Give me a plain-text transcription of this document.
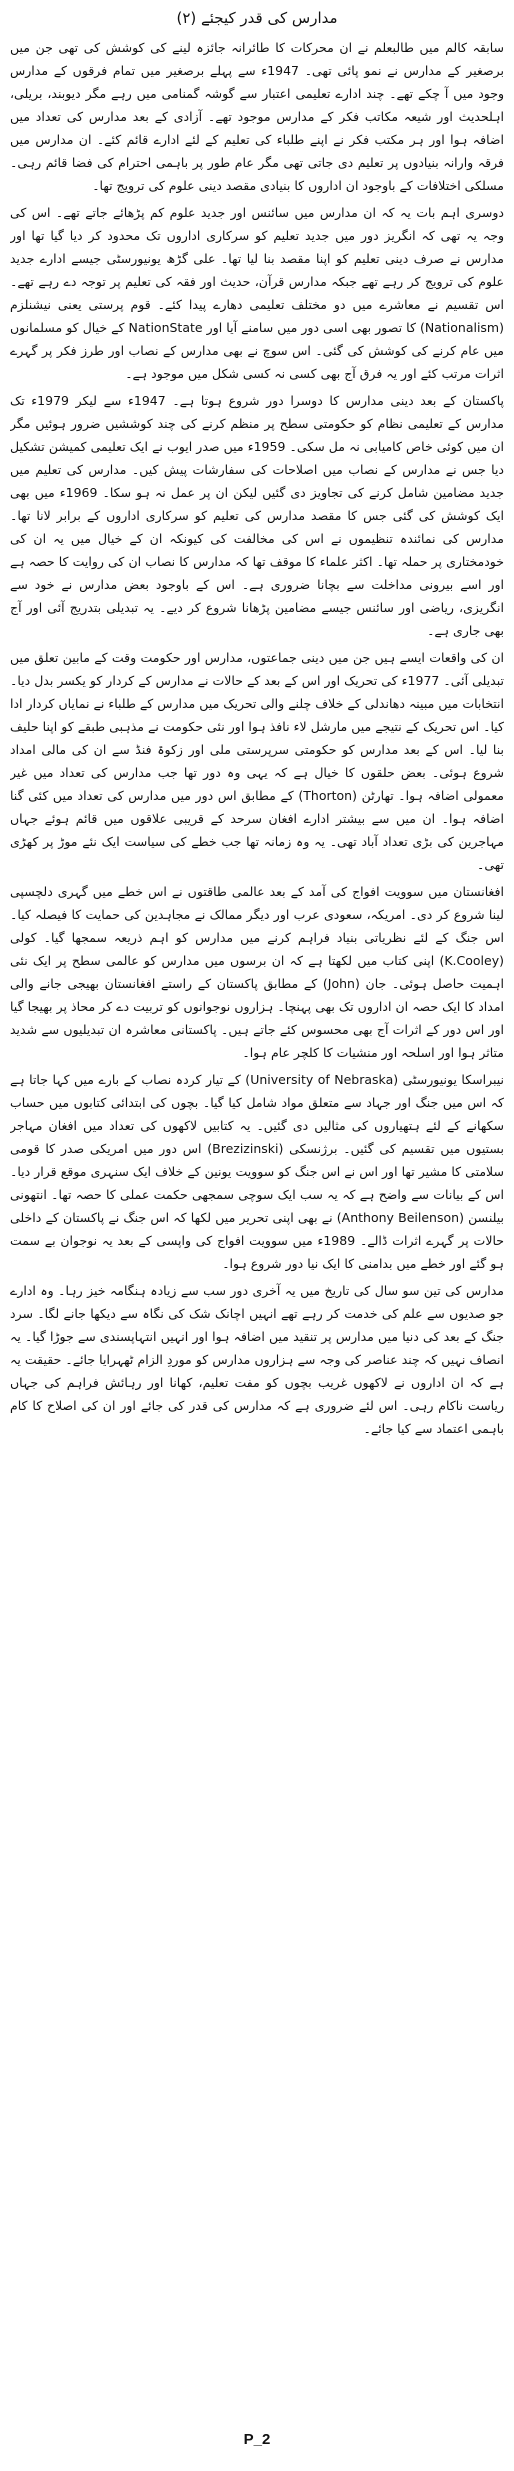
مدارس کی قدر کیجئے (۲)

سابقہ کالم میں طالبعلم نے ان محرکات کا طائرانہ جائزہ لینے کی کوشش کی تھی جن میں برصغیر کے مدارس نے نمو پائی تھی۔ 1947ء سے پہلے برصغیر میں تمام فرقوں کے مدارس وجود میں آ چکے تھے۔ چند ادارے تعلیمی اعتبار سے گوشہ گمنامی میں رہے مگر دیوبند، بریلی، اہلحدیث اور شیعہ مکاتب فکر کے مدارس موجود تھے۔ آزادی کے بعد مدارس کی تعداد میں اضافہ ہوا اور ہر مکتب فکر نے اپنے طلباء کی تعلیم کے لئے ادارے قائم کئے۔ ان مدارس میں فرقہ وارانہ بنیادوں پر تعلیم دی جاتی تھی مگر عام طور پر باہمی احترام کی فضا قائم رہی۔ مسلکی اختلافات کے باوجود ان اداروں کا بنیادی مقصد دینی علوم کی ترویج تھا۔

دوسری اہم بات یہ کہ ان مدارس میں سائنس اور جدید علوم کم پڑھائے جاتے تھے۔ اس کی وجہ یہ تھی کہ انگریز دور میں جدید تعلیم کو سرکاری اداروں تک محدود کر دیا گیا تھا اور مدارس نے صرف دینی تعلیم کو اپنا مقصد بنا لیا تھا۔ علی گڑھ یونیورسٹی جیسے ادارے جدید علوم کی ترویج کر رہے تھے جبکہ مدارس قرآن، حدیث اور فقہ کی تعلیم پر توجہ دے رہے تھے۔ اس تقسیم نے معاشرے میں دو مختلف تعلیمی دھارے پیدا کئے۔ قوم پرستی یعنی نیشنلزم (Nationalism) کا تصور بھی اسی دور میں سامنے آیا اور NationState کے خیال کو مسلمانوں میں عام کرنے کی کوشش کی گئی۔ اس سوچ نے بھی مدارس کے نصاب اور طرز فکر پر گہرے اثرات مرتب کئے اور یہ فرق آج بھی کسی نہ کسی شکل میں موجود ہے۔

پاکستان کے بعد دینی مدارس کا دوسرا دور شروع ہوتا ہے۔ 1947ء سے لیکر 1979ء تک مدارس کے تعلیمی نظام کو حکومتی سطح پر منظم کرنے کی چند کوششیں ضرور ہوئیں مگر ان میں کوئی خاص کامیابی نہ مل سکی۔ 1959ء میں صدر ایوب نے ایک تعلیمی کمیشن تشکیل دیا جس نے مدارس کے نصاب میں اصلاحات کی سفارشات پیش کیں۔ مدارس کی تعلیم میں جدید مضامین شامل کرنے کی تجاویز دی گئیں لیکن ان پر عمل نہ ہو سکا۔ 1969ء میں بھی ایک کوشش کی گئی جس کا مقصد مدارس کی تعلیم کو سرکاری اداروں کے برابر لانا تھا۔ مدارس کی نمائندہ تنظیموں نے اس کی مخالفت کی کیونکہ ان کے خیال میں یہ ان کی خودمختاری پر حملہ تھا۔ اکثر علماء کا موقف تھا کہ مدارس کا نصاب ان کی روایت کا حصہ ہے اور اسے بیرونی مداخلت سے بچانا ضروری ہے۔ اس کے باوجود بعض مدارس نے خود سے انگریزی، ریاضی اور سائنس جیسے مضامین پڑھانا شروع کر دیے۔ یہ تبدیلی بتدریج آئی اور آج بھی جاری ہے۔

ان کی واقعات ایسے ہیں جن میں دینی جماعتوں، مدارس اور حکومت وقت کے مابین تعلق میں تبدیلی آئی۔ 1977ء کی تحریک اور اس کے بعد کے حالات نے مدارس کے کردار کو یکسر بدل دیا۔ انتخابات میں مبینہ دھاندلی کے خلاف چلنے والی تحریک میں مدارس کے طلباء نے نمایاں کردار ادا کیا۔ اس تحریک کے نتیجے میں مارشل لاء نافذ ہوا اور نئی حکومت نے مذہبی طبقے کو اپنا حلیف بنا لیا۔ اس کے بعد مدارس کو حکومتی سرپرستی ملی اور زکوۃ فنڈ سے ان کی مالی امداد شروع ہوئی۔ بعض حلقوں کا خیال ہے کہ یہی وہ دور تھا جب مدارس کی تعداد میں غیر معمولی اضافہ ہوا۔ تھارٹن (Thorton) کے مطابق اس دور میں مدارس کی تعداد میں کئی گنا اضافہ ہوا۔ ان میں سے بیشتر ادارے افغان سرحد کے قریبی علاقوں میں قائم ہوئے جہاں مہاجرین کی بڑی تعداد آباد تھی۔ یہ وہ زمانہ تھا جب خطے کی سیاست ایک نئے موڑ پر کھڑی تھی۔

افغانستان میں سوویت افواج کی آمد کے بعد عالمی طاقتوں نے اس خطے میں گہری دلچسپی لینا شروع کر دی۔ امریکہ، سعودی عرب اور دیگر ممالک نے مجاہدین کی حمایت کا فیصلہ کیا۔ اس جنگ کے لئے نظریاتی بنیاد فراہم کرنے میں مدارس کو اہم ذریعہ سمجھا گیا۔ کولی (K.Cooley) اپنی کتاب میں لکھتا ہے کہ ان برسوں میں مدارس کو عالمی سطح پر ایک نئی اہمیت حاصل ہوئی۔ جان (John) کے مطابق پاکستان کے راستے افغانستان بھیجی جانے والی امداد کا ایک حصہ ان اداروں تک بھی پہنچا۔ ہزاروں نوجوانوں کو تربیت دے کر محاذ پر بھیجا گیا اور اس دور کے اثرات آج بھی محسوس کئے جاتے ہیں۔ پاکستانی معاشرہ ان تبدیلیوں سے شدید متاثر ہوا اور اسلحہ اور منشیات کا کلچر عام ہوا۔

نیبراسکا یونیورسٹی (University of Nebraska) کے تیار کردہ نصاب کے بارے میں کہا جاتا ہے کہ اس میں جنگ اور جہاد سے متعلق مواد شامل کیا گیا۔ بچوں کی ابتدائی کتابوں میں حساب سکھانے کے لئے ہتھیاروں کی مثالیں دی گئیں۔ یہ کتابیں لاکھوں کی تعداد میں افغان مہاجر بستیوں میں تقسیم کی گئیں۔ برژنسکی (Brezizinski) اس دور میں امریکی صدر کا قومی سلامتی کا مشیر تھا اور اس نے اس جنگ کو سوویت یونین کے خلاف ایک سنہری موقع قرار دیا۔ اس کے بیانات سے واضح ہے کہ یہ سب ایک سوچی سمجھی حکمت عملی کا حصہ تھا۔ انتھونی بیلنسن (Anthony Beilenson) نے بھی اپنی تحریر میں لکھا کہ اس جنگ نے پاکستان کے داخلی حالات پر گہرے اثرات ڈالے۔ 1989ء میں سوویت افواج کی واپسی کے بعد یہ نوجوان بے سمت ہو گئے اور خطے میں بدامنی کا ایک نیا دور شروع ہوا۔

مدارس کی تین سو سال کی تاریخ میں یہ آخری دور سب سے زیادہ ہنگامہ خیز رہا۔ وہ ادارے جو صدیوں سے علم کی خدمت کر رہے تھے انہیں اچانک شک کی نگاہ سے دیکھا جانے لگا۔ سرد جنگ کے بعد کی دنیا میں مدارس پر تنقید میں اضافہ ہوا اور انہیں انتہاپسندی سے جوڑا گیا۔ یہ انصاف نہیں کہ چند عناصر کی وجہ سے ہزاروں مدارس کو موردِ الزام ٹھہرایا جائے۔ حقیقت یہ ہے کہ ان اداروں نے لاکھوں غریب بچوں کو مفت تعلیم، کھانا اور رہائش فراہم کی جہاں ریاست ناکام رہی۔ اس لئے ضروری ہے کہ مدارس کی قدر کی جائے اور ان کی اصلاح کا کام باہمی اعتماد سے کیا جائے۔

P_2
